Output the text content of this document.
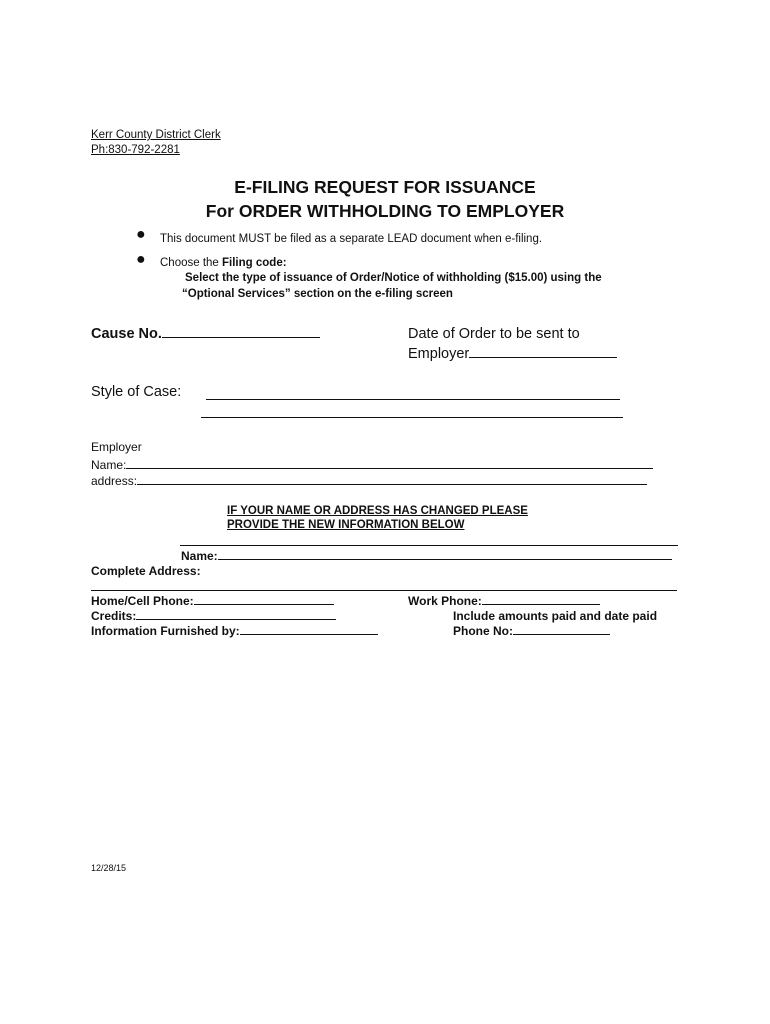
Kerr County District Clerk
Ph:830-792-2281
E-FILING REQUEST FOR ISSUANCE
For ORDER WITHHOLDING TO EMPLOYER
● This document MUST be filed as a separate LEAD document when e-filing.
● Choose the Filing code:
Select the type of issuance of Order/Notice of withholding ($15.00) using the
“Optional Services” section on the e-filing screen
Cause No.	Date of Order to be sent to
Employer
Style of Case:
Employer
Name:
address:
IF YOUR NAME OR ADDRESS HAS CHANGED PLEASE
PROVIDE THE NEW INFORMATION BELOW
Name:
Complete Address:
Home/Cell Phone:	Work Phone:
Credits:	Include amounts paid and date paid
Information Furnished by:	Phone No:
12/28/15
